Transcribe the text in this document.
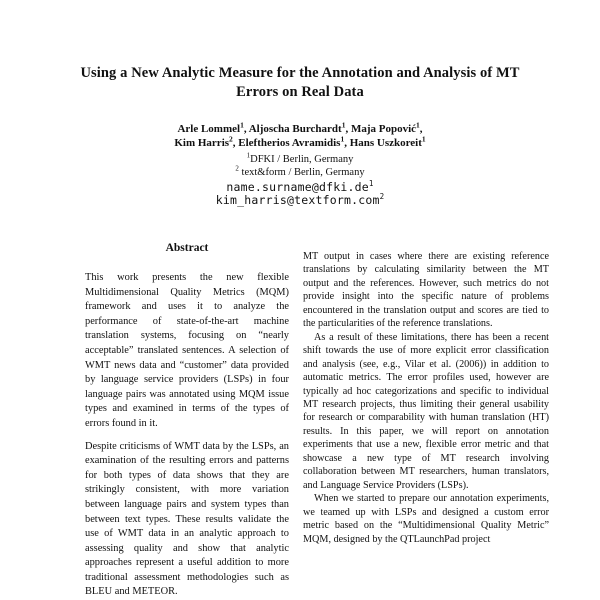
Using a New Analytic Measure for the Annotation and Analysis of MT
Errors on Real Data
Arle Lommel$^1$, Aljoscha Burchardt$^1$, Maja Popović$^1$,
Kim Harris$^2$, Eleftherios Avramidis$^1$, Hans Uszkoreit$^1$
$^1$DFKI / Berlin, Germany
$^2$ text&form / Berlin, Germany
$name.surname@dfki.de^1$
kim_harris@textform.com$^2$
Abstract

This work presents the new flexible Multidimensional Quality Metrics (MQM) framework and uses it to analyze the performance of state-of-the-art machine translation systems, focusing on “nearly acceptable” translated sentences. A selection of WMT news data and “customer” data provided by language service providers (LSPs) in four language pairs was annotated using MQM issue types and examined in terms of the types of errors found in it.

Despite criticisms of WMT data by the LSPs, an examination of the resulting errors and patterns for both types of data shows that they are strikingly consistent, with more variation between language pairs and system types than between text types. These results validate the use of WMT data in an analytic approach to assessing quality and show that analytic approaches represent a useful addition to more traditional assessment methodologies such as BLEU and METEOR.

MT output in cases where there are existing reference translations by calculating similarity between the MT output and the references. However, such metrics do not provide insight into the specific nature of problems encountered in the translation output and scores are tied to the particularities of the reference translations.

As a result of these limitations, there has been a recent shift towards the use of more explicit error classification and analysis (see, e.g., Vilar et al. (2006)) in addition to automatic metrics. The error profiles used, however are typically ad hoc categorizations and specific to individual MT research projects, thus limiting their general usability for research or comparability with human translation (HT) results. In this paper, we will report on annotation experiments that use a new, flexible error metric and that showcase a new type of MT research involving collaboration between MT researchers, human translators, and Language Service Providers (LSPs).

When we started to prepare our annotation experiments, we teamed up with LSPs and designed a custom error metric based on the “Multidimensional Quality Metric” MQM, designed by the QTLaunchPad project
